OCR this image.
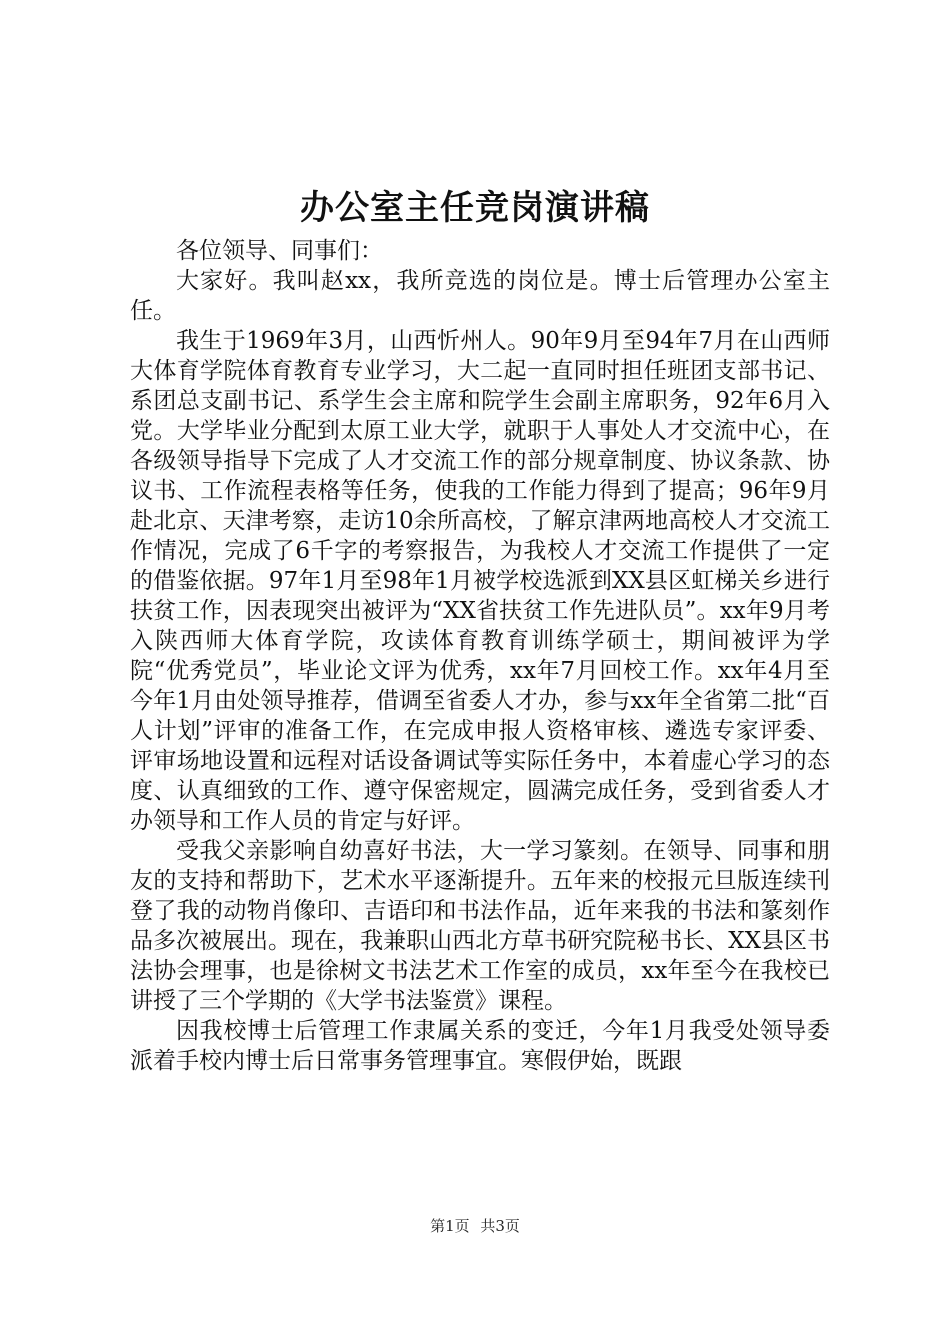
办公室主任竞岗演讲稿

各位领导、同事们：

大家好。我叫赵xx，我所竞选的岗位是。博士后管理办公室主任。

我生于1969年3月，山西忻州人。90年9月至94年7月在山西师大体育学院体育教育专业学习，大二起一直同时担任班团支部书记、系团总支副书记、系学生会主席和院学生会副主席职务，92年6月入党。大学毕业分配到太原工业大学，就职于人事处人才交流中心，在各级领导指导下完成了人才交流工作的部分规章制度、协议条款、协议书、工作流程表格等任务，使我的工作能力得到了提高；96年9月赴北京、天津考察，走访10余所高校，了解京津两地高校人才交流工作情况，完成了6千字的考察报告，为我校人才交流工作提供了一定的借鉴依据。97年1月至98年1月被学校选派到XX县区虹梯关乡进行扶贫工作，因表现突出被评为“XX省扶贫工作先进队员”。xx年9月考入陕西师大体育学院，攻读体育教育训练学硕士，期间被评为学院“优秀党员”，毕业论文评为优秀，xx年7月回校工作。xx年4月至今年1月由处领导推荐，借调至省委人才办，参与xx年全省第二批“百人计划”评审的准备工作，在完成申报人资格审核、遴选专家评委、评审场地设置和远程对话设备调试等实际任务中，本着虚心学习的态度、认真细致的工作、遵守保密规定，圆满完成任务，受到省委人才办领导和工作人员的肯定与好评。

受我父亲影响自幼喜好书法，大一学习篆刻。在领导、同事和朋友的支持和帮助下，艺术水平逐渐提升。五年来的校报元旦版连续刊登了我的动物肖像印、吉语印和书法作品，近年来我的书法和篆刻作品多次被展出。现在，我兼职山西北方草书研究院秘书长、XX县区书法协会理事，也是徐树文书法艺术工作室的成员，xx年至今在我校已讲授了三个学期的《大学书法鉴赏》课程。

因我校博士后管理工作隶属关系的变迁，今年1月我受处领导委派着手校内博士后日常事务管理事宜。寒假伊始，既跟

第1页 共3页
